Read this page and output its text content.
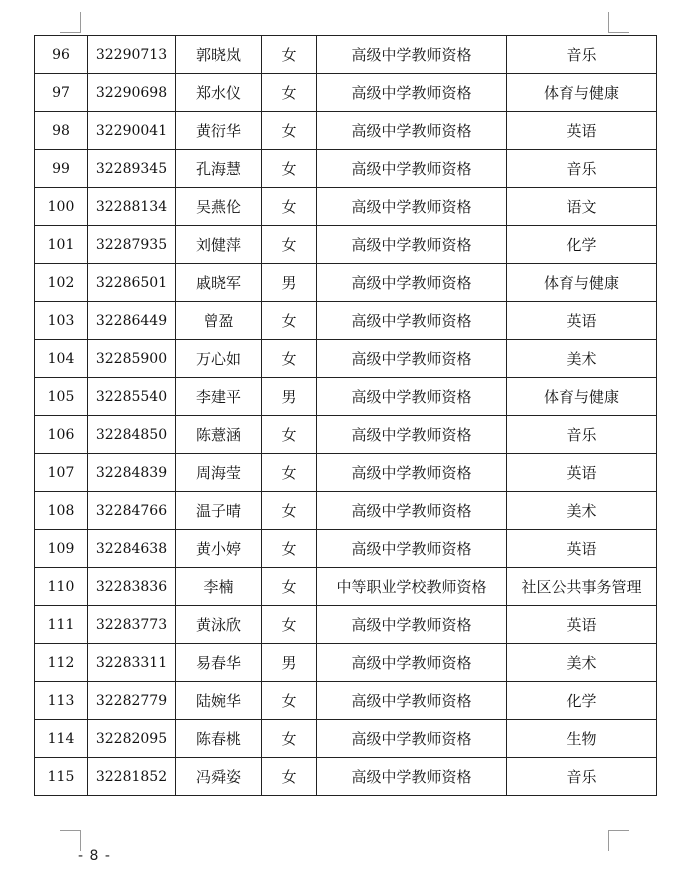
96	32290713	郭晓岚	女	高级中学教师资格	音乐
97	32290698	郑水仪	女	高级中学教师资格	体育与健康
98	32290041	黄衍华	女	高级中学教师资格	英语
99	32289345	孔海慧	女	高级中学教师资格	音乐
100	32288134	吴燕伦	女	高级中学教师资格	语文
101	32287935	刘健萍	女	高级中学教师资格	化学
102	32286501	戚晓军	男	高级中学教师资格	体育与健康
103	32286449	曾盈	女	高级中学教师资格	英语
104	32285900	万心如	女	高级中学教师资格	美术
105	32285540	李建平	男	高级中学教师资格	体育与健康
106	32284850	陈薏涵	女	高级中学教师资格	音乐
107	32284839	周海莹	女	高级中学教师资格	英语
108	32284766	温子晴	女	高级中学教师资格	美术
109	32284638	黄小婷	女	高级中学教师资格	英语
110	32283836	李楠	女	中等职业学校教师资格	社区公共事务管理
111	32283773	黄泳欣	女	高级中学教师资格	英语
112	32283311	易春华	男	高级中学教师资格	美术
113	32282779	陆婉华	女	高级中学教师资格	化学
114	32282095	陈春桃	女	高级中学教师资格	生物
115	32281852	冯舜姿	女	高级中学教师资格	音乐
- 8 -
